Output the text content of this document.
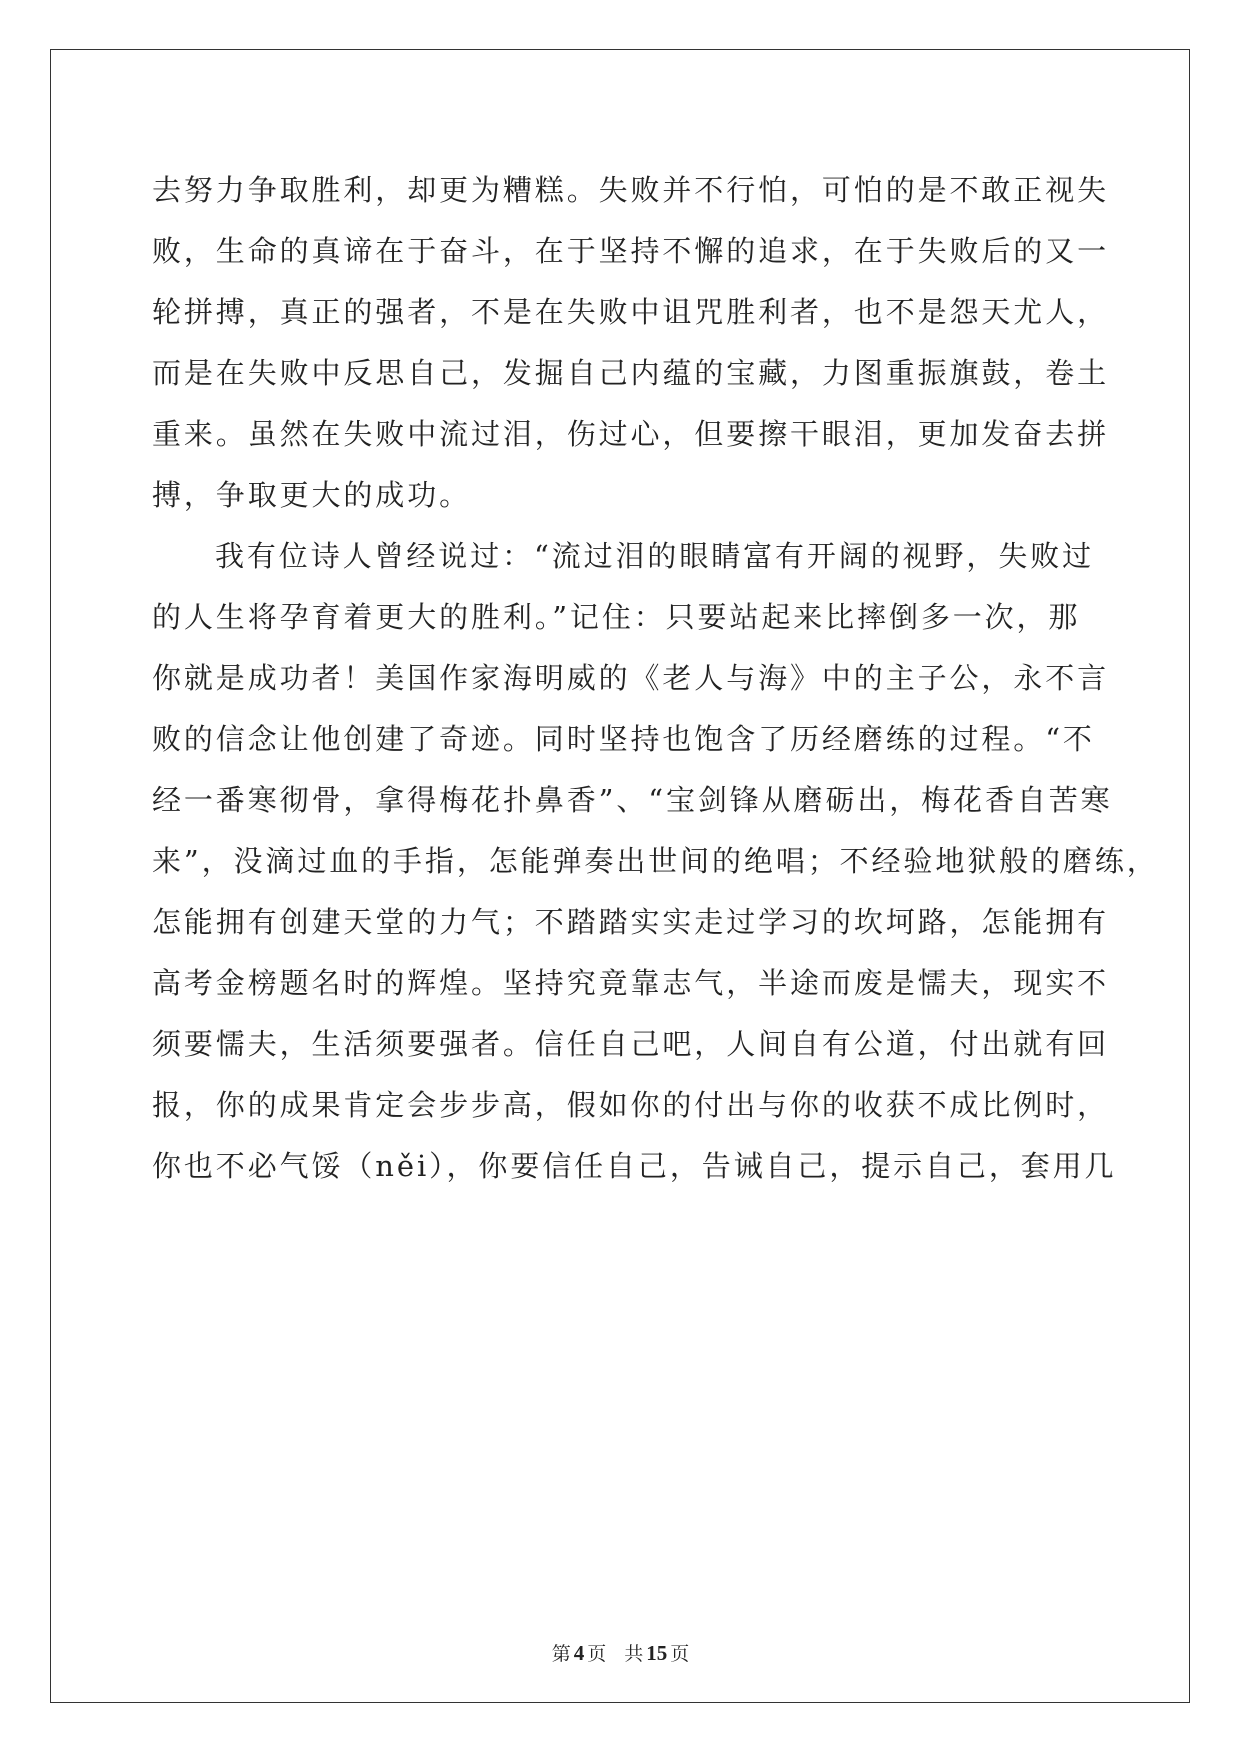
去努力争取胜利，却更为糟糕。失败并不行怕，可怕的是不敢正视失
败，生命的真谛在于奋斗，在于坚持不懈的追求，在于失败后的又一
轮拼搏，真正的强者，不是在失败中诅咒胜利者，也不是怨天尤人，
而是在失败中反思自己，发掘自己内蕴的宝藏，力图重振旗鼓，卷土
重来。虽然在失败中流过泪，伤过心，但要擦干眼泪，更加发奋去拼
搏，争取更大的成功。
我有位诗人曾经说过：“流过泪的眼睛富有开阔的视野，失败过
的人生将孕育着更大的胜利。”记住：只要站起来比摔倒多一次，那
你就是成功者！美国作家海明威的《老人与海》中的主子公，永不言
败的信念让他创建了奇迹。同时坚持也饱含了历经磨练的过程。“不
经一番寒彻骨，拿得梅花扑鼻香”、“宝剑锋从磨砺出，梅花香自苦寒
来”，没滴过血的手指，怎能弹奏出世间的绝唱；不经验地狱般的磨练，
怎能拥有创建天堂的力气；不踏踏实实走过学习的坎坷路，怎能拥有
高考金榜题名时的辉煌。坚持究竟靠志气，半途而废是懦夫，现实不
须要懦夫，生活须要强者。信任自己吧，人间自有公道，付出就有回
报，你的成果肯定会步步高，假如你的付出与你的收获不成比例时，
你也不必气馁（něi），你要信任自己，告诫自己，提示自己，套用几
第 4 页 共 15 页
